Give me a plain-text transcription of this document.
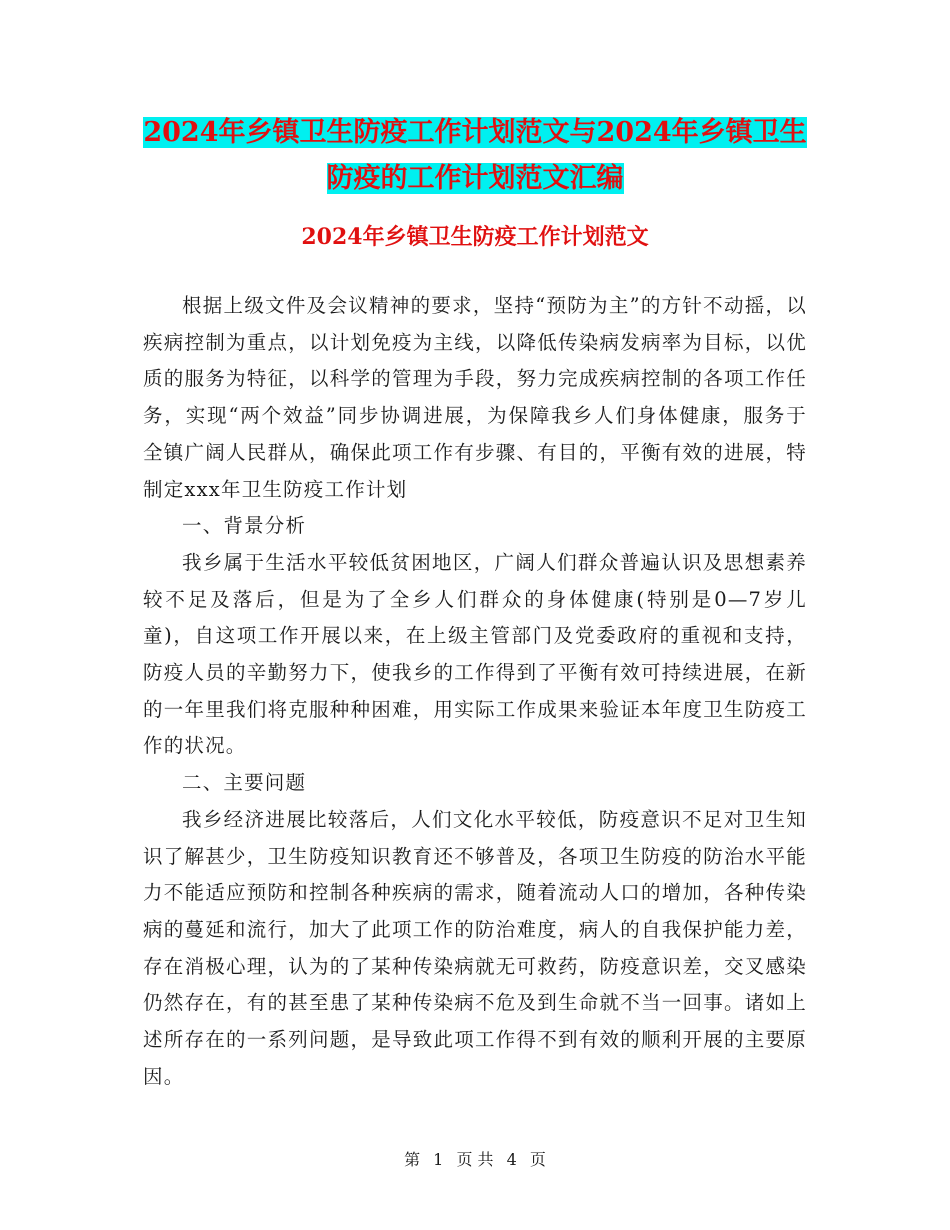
2024年乡镇卫生防疫工作计划范文与2024年乡镇卫生
防疫的工作计划范文汇编
2024年乡镇卫生防疫工作计划范文

根据上级文件及会议精神的要求，坚持“预防为主”的方针不动摇，以疾病控制为重点，以计划免疫为主线，以降低传染病发病率为目标，以优质的服务为特征，以科学的管理为手段，努力完成疾病控制的各项工作任务，实现“两个效益”同步协调进展，为保障我乡人们身体健康，服务于全镇广阔人民群从，确保此项工作有步骤、有目的，平衡有效的进展，特制定xxx年卫生防疫工作计划

一、背景分析

我乡属于生活水平较低贫困地区，广阔人们群众普遍认识及思想素养较不足及落后，但是为了全乡人们群众的身体健康(特别是0—7岁儿童)，自这项工作开展以来，在上级主管部门及党委政府的重视和支持，防疫人员的辛勤努力下，使我乡的工作得到了平衡有效可持续进展，在新的一年里我们将克服种种困难，用实际工作成果来验证本年度卫生防疫工作的状况。

二、主要问题

我乡经济进展比较落后，人们文化水平较低，防疫意识不足对卫生知识了解甚少，卫生防疫知识教育还不够普及，各项卫生防疫的防治水平能力不能适应预防和控制各种疾病的需求，随着流动人口的增加，各种传染病的蔓延和流行，加大了此项工作的防治难度，病人的自我保护能力差，存在消极心理，认为的了某种传染病就无可救药，防疫意识差，交叉感染仍然存在，有的甚至患了某种传染病不危及到生命就不当一回事。诸如上述所存在的一系列问题，是导致此项工作得不到有效的顺利开展的主要原因。

第 1 页 共 4 页
